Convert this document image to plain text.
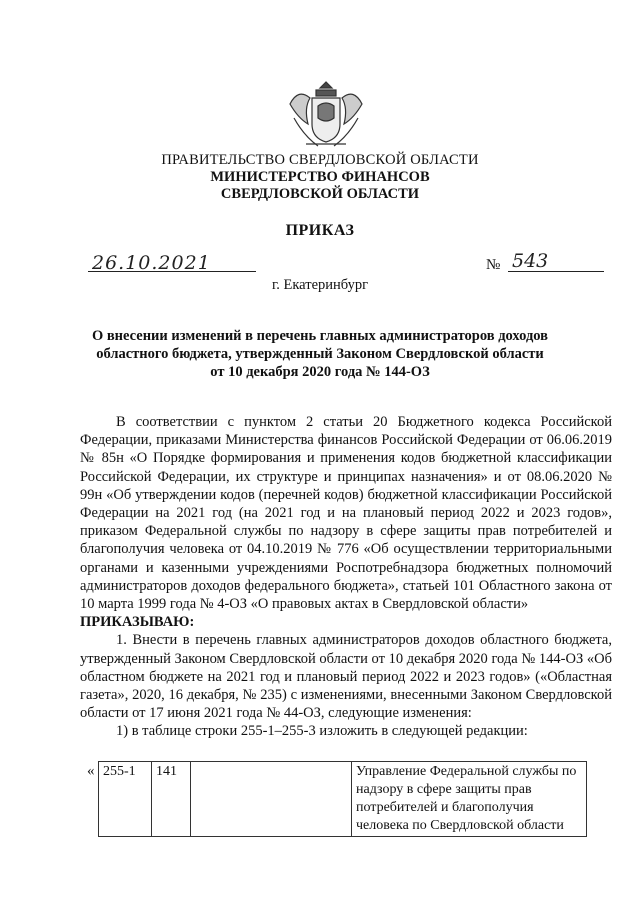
ПРАВИТЕЛЬСТВО СВЕРДЛОВСКОЙ ОБЛАСТИ
МИНИСТЕРСТВО ФИНАНСОВ
СВЕРДЛОВСКОЙ ОБЛАСТИ
ПРИКАЗ
26.10.2021	№ 543
г. Екатеринбург
О внесении изменений в перечень главных администраторов доходов
областного бюджета, утвержденный Законом Свердловской области
от 10 декабря 2020 года № 144-ОЗ

В соответствии с пунктом 2 статьи 20 Бюджетного кодекса Российской Федерации, приказами Министерства финансов Российской Федерации от 06.06.2019 № 85н «О Порядке формирования и применения кодов бюджетной классификации Российской Федерации, их структуре и принципах назначения» и от 08.06.2020 № 99н «Об утверждении кодов (перечней кодов) бюджетной классификации Российской Федерации на 2021 год (на 2021 год и на плановый период 2022 и 2023 годов», приказом Федеральной службы по надзору в сфере защиты прав потребителей и благополучия человека от 04.10.2019 № 776 «Об осуществлении территориальными органами и казенными учреждениями Роспотребнадзора бюджетных полномочий администраторов доходов федерального бюджета», статьей 101 Областного закона от 10 марта 1999 года № 4-ОЗ «О правовых актах в Свердловской области»

ПРИКАЗЫВАЮ:

1. Внести в перечень главных администраторов доходов областного бюджета, утвержденный Законом Свердловской области от 10 декабря 2020 года № 144-ОЗ «Об областном бюджете на 2021 год и плановый период 2022 и 2023 годов» («Областная газета», 2020, 16 декабря, № 235) с изменениями, внесенными Законом Свердловской области от 17 июня 2021 года № 44-ОЗ, следующие изменения:

1) в таблице строки 255-1–255-3 изложить в следующей редакции:

« 255-1	141		Управление Федеральной службы по надзору в сфере защиты прав потребителей и благополучия человека по Свердловской области
